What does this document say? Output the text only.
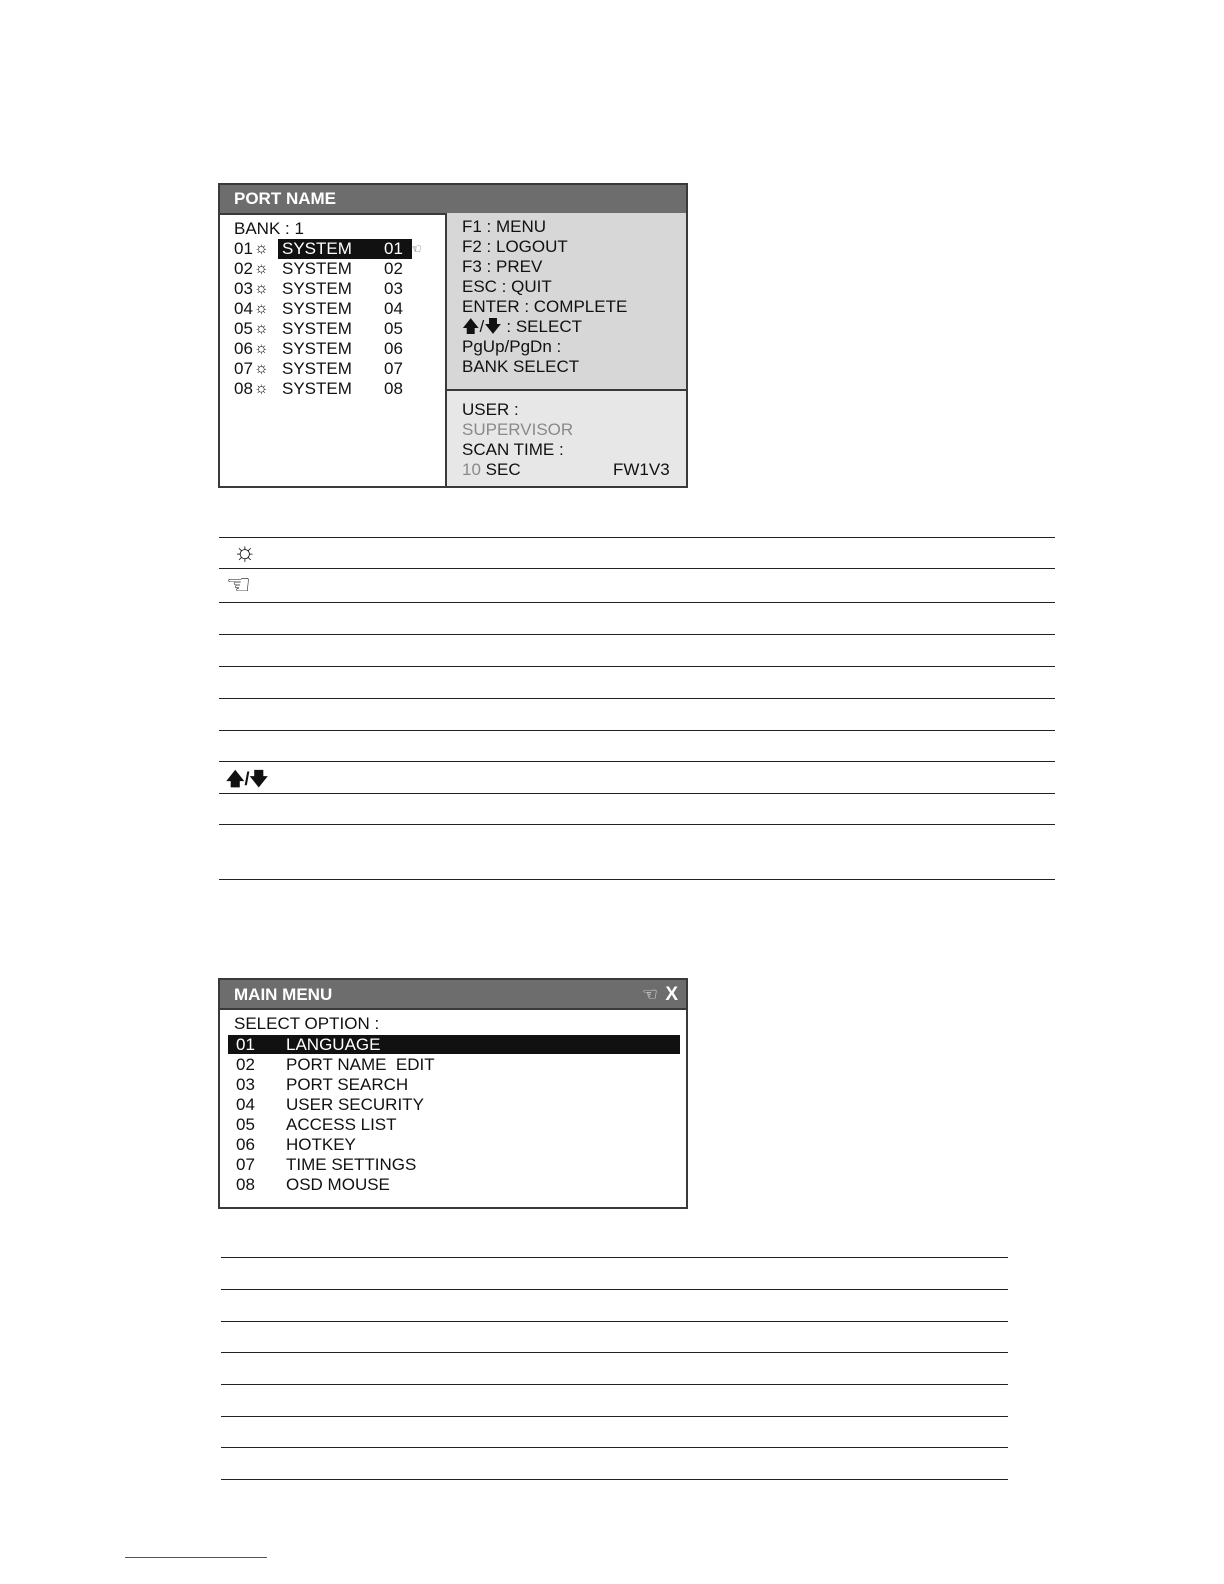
PORT NAME
BANK : 1
01 ☼ SYSTEM	01 ☜
02 ☼ SYSTEM 02
03 ☼ SYSTEM 03
04 ☼ SYSTEM 04
05 ☼ SYSTEM 05
06 ☼ SYSTEM 06
07 ☼ SYSTEM 07
08 ☼ SYSTEM 08
F1 : MENU
F2 : LOGOUT
F3 : PREV
ESC : QUIT
ENTER : COMPLETE
🡅/🡇 : SELECT
PgUp/PgDn :
BANK SELECT
USER :
SUPERVISOR
SCAN TIME :
10 SEC	FW1V3
☼
☜
🡅/🡇
MAIN MENU	☜ X
SELECT OPTION :
01 LANGUAGE
02 PORT NAME  EDIT
03 PORT SEARCH
04 USER SECURITY
05 ACCESS LIST
06 HOTKEY
07 TIME SETTINGS
08 OSD MOUSE
